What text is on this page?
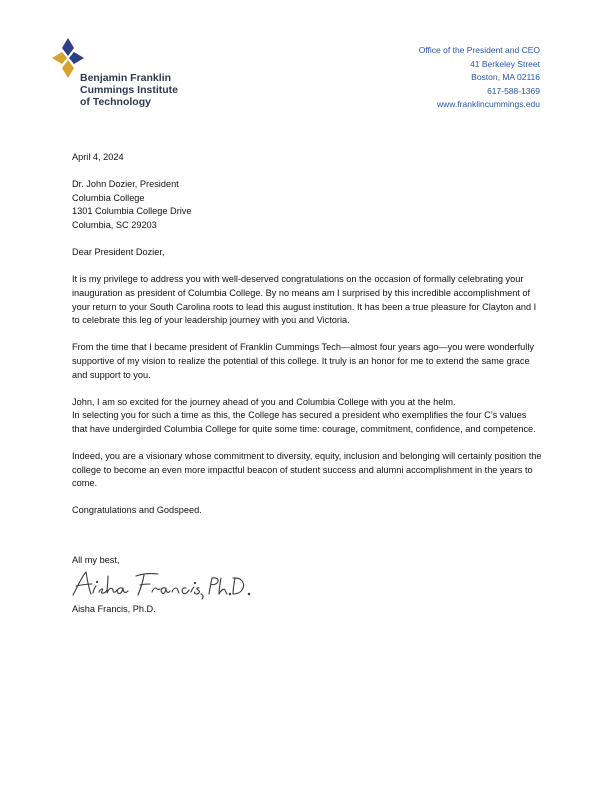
Benjamin Franklin
Cummings Institute
of Technology
Office of the President and CEO
41 Berkeley Street
Boston, MA 02116
617-588-1369
www.franklincummings.edu

April 4, 2024

Dr. John Dozier, President
Columbia College
1301 Columbia College Drive
Columbia, SC 29203

Dear President Dozier,

It is my privilege to address you with well-deserved congratulations on the occasion of formally celebrating your inauguration as president of Columbia College. By no means am I surprised by this incredible accomplishment of your return to your South Carolina roots to lead this august institution. It has been a true pleasure for Clayton and I to celebrate this leg of your leadership journey with you and Victoria.

From the time that I became president of Franklin Cummings Tech—almost four years ago—you were wonderfully supportive of my vision to realize the potential of this college. It truly is an honor for me to extend the same grace and support to you.

John, I am so excited for the journey ahead of you and Columbia College with you at the helm.
In selecting you for such a time as this, the College has secured a president who exemplifies the four C’s values that have undergirded Columbia College for quite some time: courage, commitment, confidence, and competence.

Indeed, you are a visionary whose commitment to diversity, equity, inclusion and belonging will certainly position the college to become an even more impactful beacon of student success and alumni accomplishment in the years to come.

Congratulations and Godspeed.

All my best,
Aisha Francis, Ph.D.
